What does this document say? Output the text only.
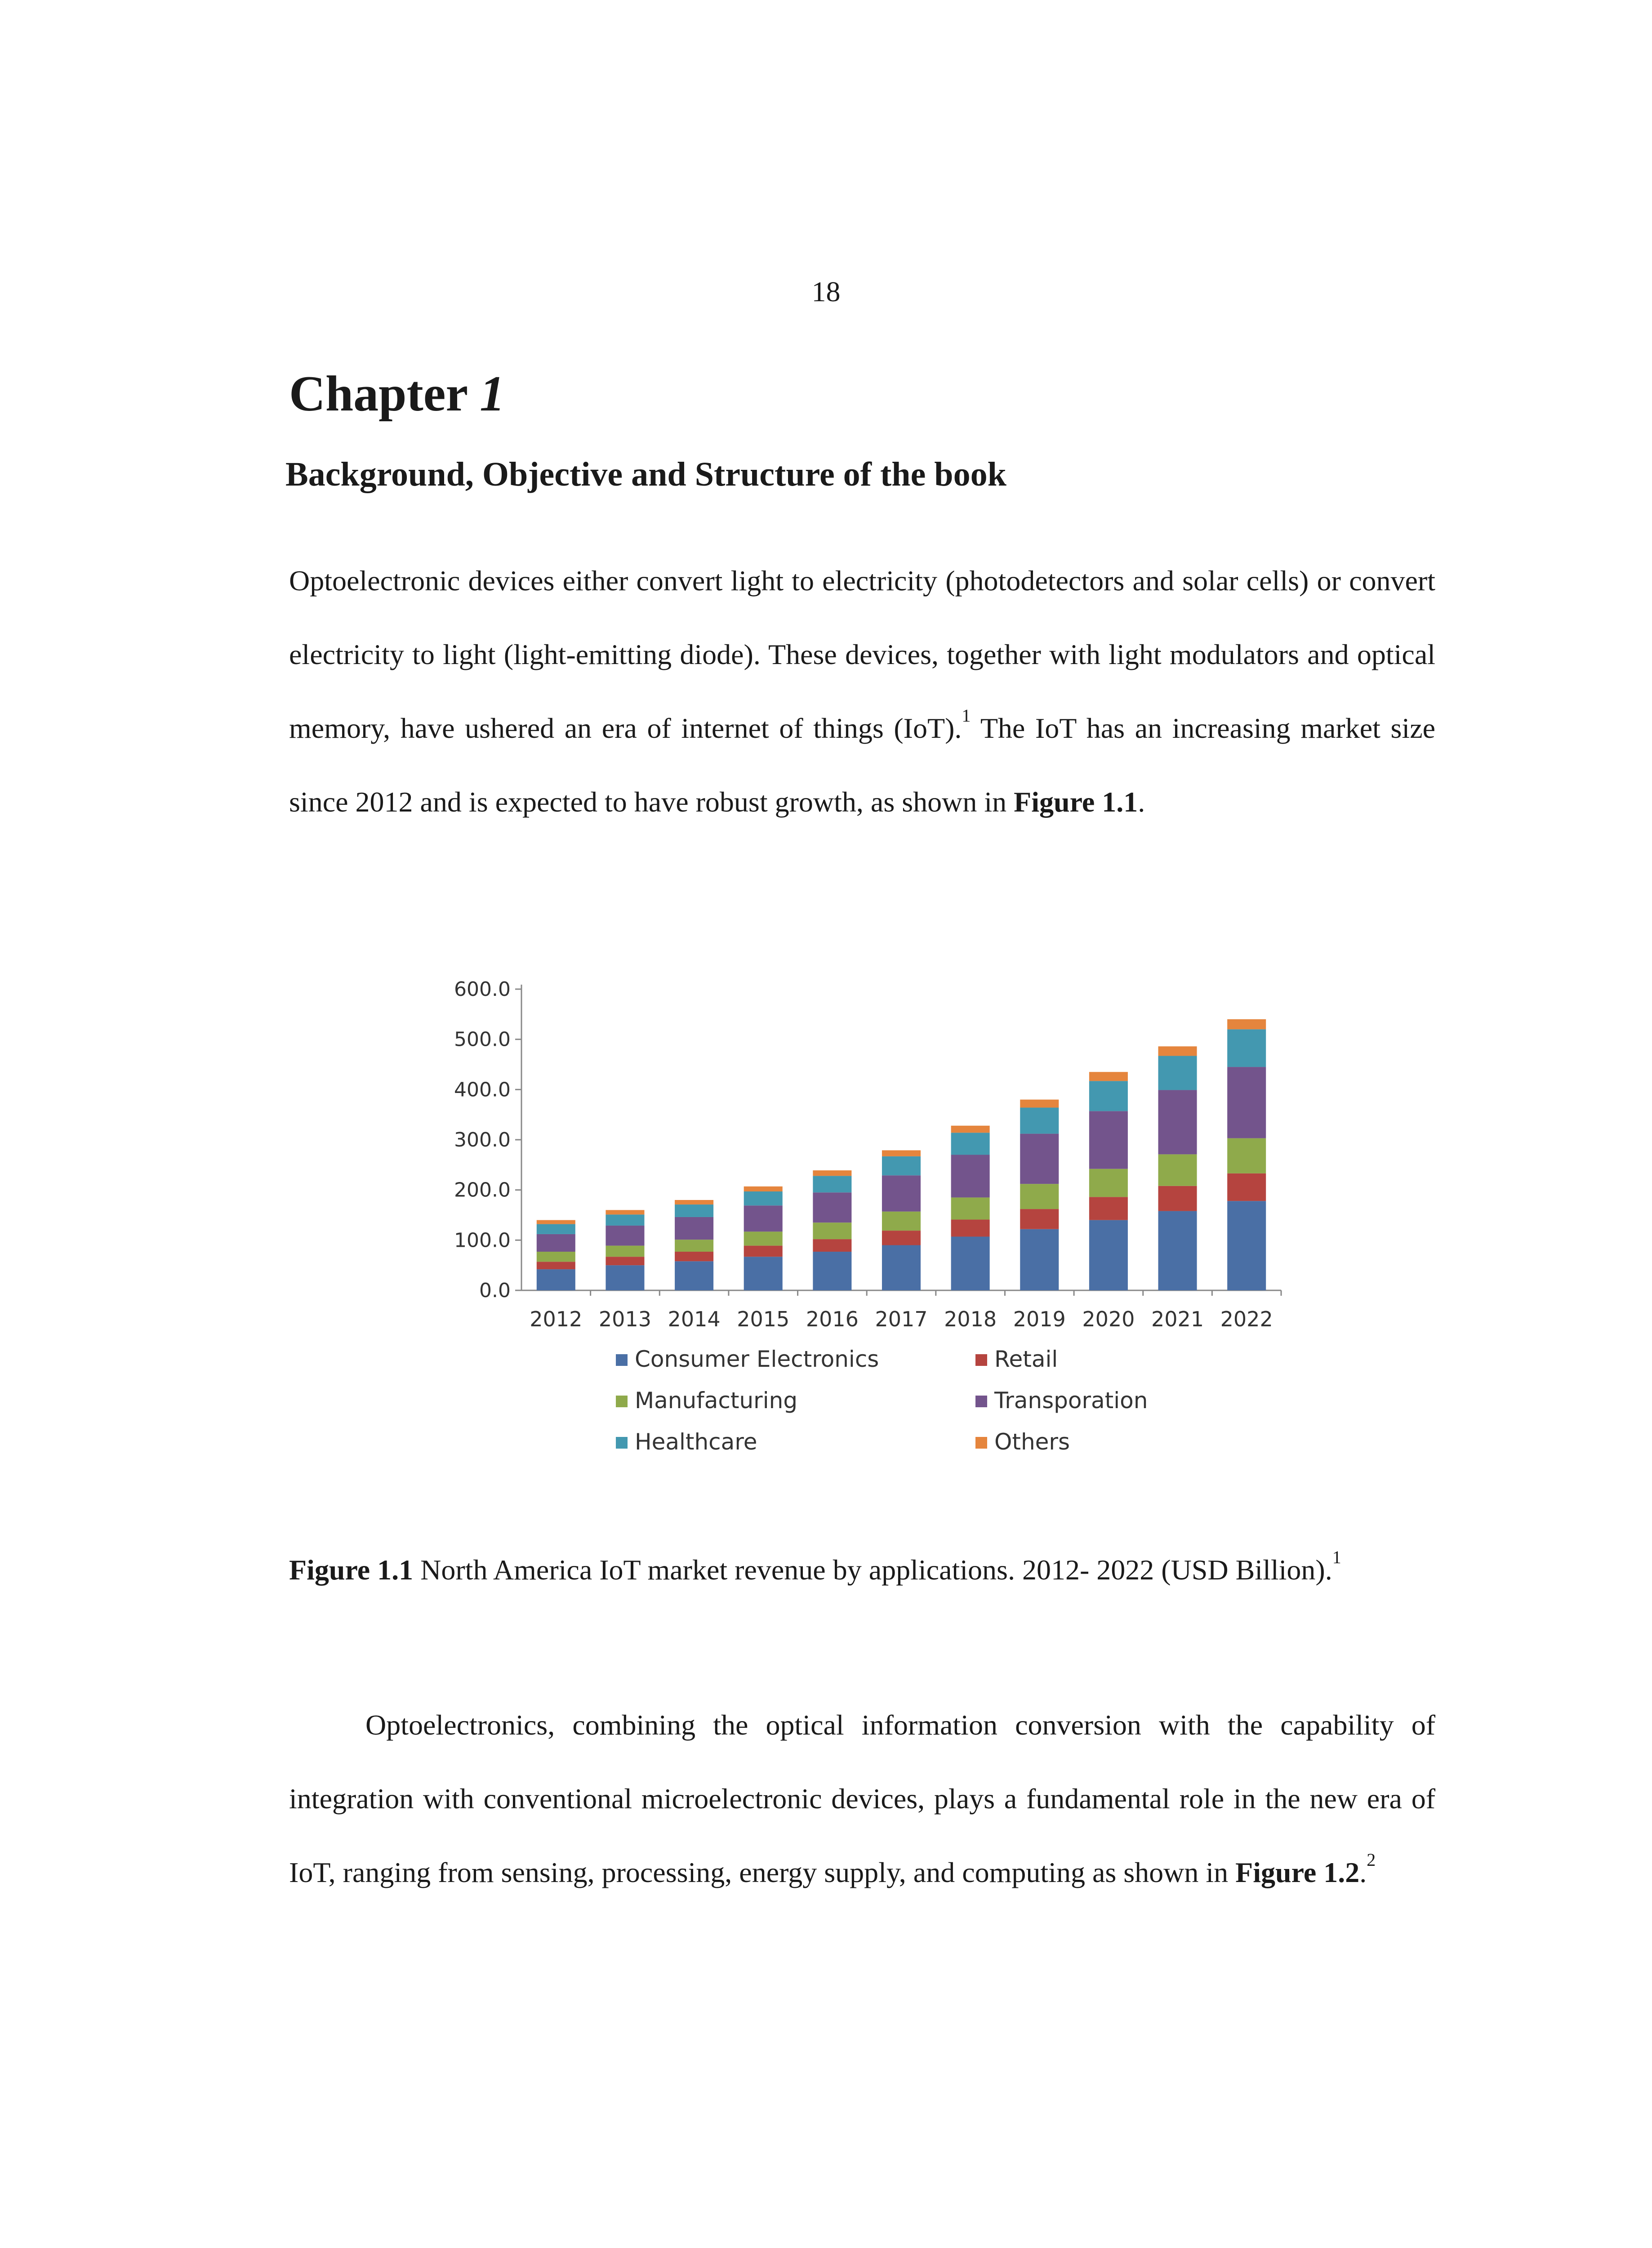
18
Chapter 1
Background, Objective and Structure of the book

Optoelectronic devices either convert light to electricity (photodetectors and solar cells) or convert electricity to light (light-emitting diode). These devices, together with light modulators and optical memory, have ushered an era of internet of things (IoT).$^1$ The IoT has an increasing market size since 2012 and is expected to have robust growth, as shown in Figure 1.1.

0.0
100.0
200.0
300.0
400.0
500.0
600.0
2012 2013 2014 2015 2016 2017 2018 2019 2020 2021 2022
Consumer Electronics	Retail
Manufacturing	Transporation
Healthcare	Others

Figure 1.1 North America IoT market revenue by applications. 2012- 2022 (USD Billion).$^1$

Optoelectronics, combining the optical information conversion with the capability of integration with conventional microelectronic devices, plays a fundamental role in the new era of IoT, ranging from sensing, processing, energy supply, and computing as shown in Figure 1.2.$^2$
